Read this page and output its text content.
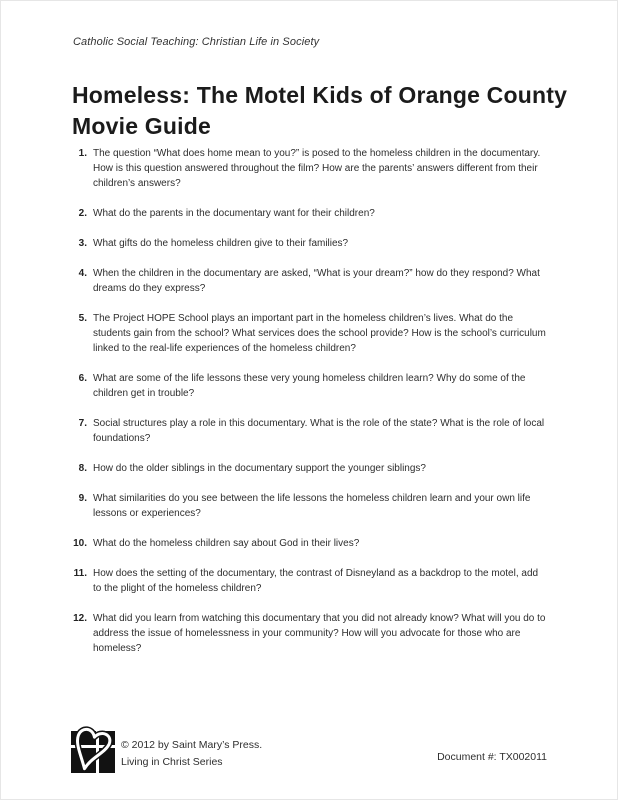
Catholic Social Teaching: Christian Life in Society
Homeless: The Motel Kids of Orange County Movie Guide
1. The question “What does home mean to you?” is posed to the homeless children in the documentary. How is this question answered throughout the film? How are the parents’ answers different from their children’s answers?
2. What do the parents in the documentary want for their children?
3. What gifts do the homeless children give to their families?
4. When the children in the documentary are asked, “What is your dream?” how do they respond? What dreams do they express?
5. The Project HOPE School plays an important part in the homeless children’s lives. What do the students gain from the school? What services does the school provide? How is the school’s curriculum linked to the real-life experiences of the homeless children?
6. What are some of the life lessons these very young homeless children learn? Why do some of the children get in trouble?
7. Social structures play a role in this documentary. What is the role of the state? What is the role of local foundations?
8. How do the older siblings in the documentary support the younger siblings?
9. What similarities do you see between the life lessons the homeless children learn and your own life lessons or experiences?
10. What do the homeless children say about God in their lives?
11. How does the setting of the documentary, the contrast of Disneyland as a backdrop to the motel, add to the plight of the homeless children?
12. What did you learn from watching this documentary that you did not already know? What will you do to address the issue of homelessness in your community? How will you advocate for those who are homeless?
© 2012 by Saint Mary’s Press.
Living in Christ Series	Document #: TX002011
